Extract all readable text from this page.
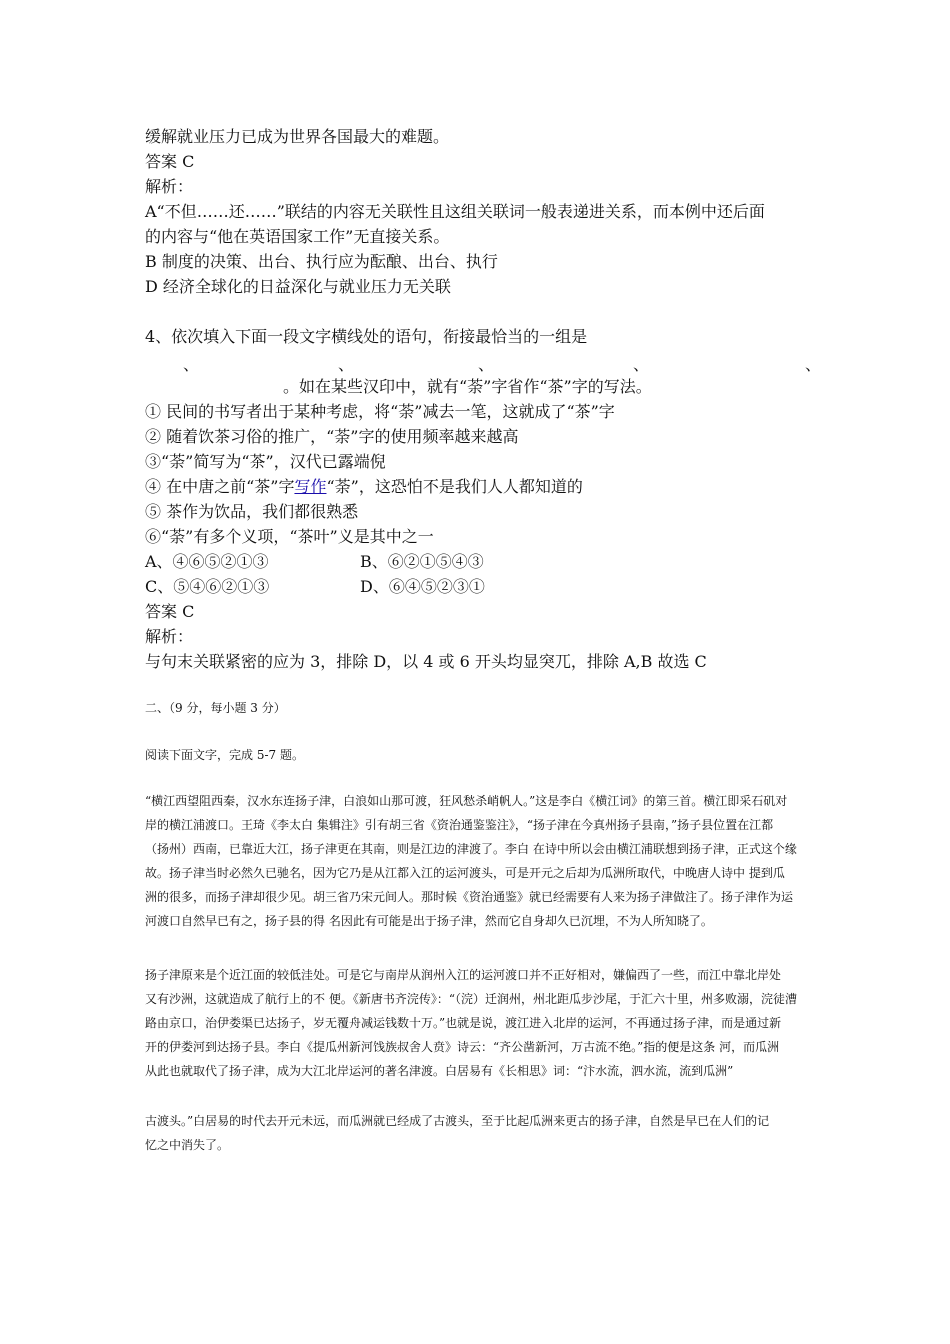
缓解就业压力已成为世界各国最大的难题。
答案 C
解析：
A“不但……还……”联结的内容无关联性且这组关联词一般表递进关系，而本例中还后面
的内容与“他在英语国家工作”无直接关系。
B 制度的决策、出台、执行应为酝酿、出台、执行
D 经济全球化的日益深化与就业压力无关联
4、依次填入下面一段文字横线处的语句，衔接最恰当的一组是
、	、	、	、	、
。如在某些汉印中，就有“荼”字省作“茶”字的写法。
① 民间的书写者出于某种考虑，将“荼”减去一笔，这就成了“茶”字
② 随着饮茶习俗的推广，“荼”字的使用频率越来越高
③“荼”简写为“茶”，汉代已露端倪
④ 在中唐之前“茶”字写作“荼”，这恐怕不是我们人人都知道的
⑤ 茶作为饮品，我们都很熟悉
⑥“荼”有多个义项，“茶叶”义是其中之一
A、④⑥⑤②①③	B、⑥②①⑤④③
C、⑤④⑥②①③	D、⑥④⑤②③①
答案 C
解析：
与句末关联紧密的应为 3，排除 D，以 4 或 6 开头均显突兀，排除 A,B 故选 C
二、（9 分，每小题 3 分）
阅读下面文字，完成 5-7 题。
“横江西望阻西秦，汉水东连扬子津，白浪如山那可渡，狂风愁杀峭帆人。”这是李白《横江词》的第三首。横江即采石矶对
岸的横江浦渡口。王琦《李太白 集辑注》引有胡三省《资治通鉴鉴注》，“扬子津在今真州扬子县南，”扬子县位置在江都
（扬州）西南，已靠近大江，扬子津更在其南，则是江边的津渡了。李白 在诗中所以会由横江浦联想到扬子津，正式这个缘
故。扬子津当时必然久已驰名，因为它乃是从江都入江的运河渡头，可是开元之后却为瓜洲所取代，中晚唐人诗中 提到瓜
洲的很多，而扬子津却很少见。胡三省乃宋元间人。那时候《资治通鉴》就已经需要有人来为扬子津做注了。扬子津作为运
河渡口自然早已有之，扬子县的得 名因此有可能是出于扬子津，然而它自身却久已沉埋，不为人所知晓了。
扬子津原来是个近江面的较低洼处。可是它与南岸从润州入江的运河渡口并不正好相对，嫌偏西了一些，而江中靠北岸处
又有沙洲，这就造成了航行上的不 便。《新唐书齐浣传》：“（浣）迁润州，州北距瓜步沙尾，于汇六十里，州多败溺，浣徒漕
路由京口，治伊娄渠已达扬子，岁无覆舟减运钱数十万。”也就是说，渡江进入北岸的运河，不再通过扬子津，而是通过新
开的伊娄河到达扬子县。李白《提瓜州新河饯族叔舍人贲》诗云：“齐公凿新河，万古流不绝。”指的便是这条 河，而瓜洲
从此也就取代了扬子津，成为大江北岸运河的著名津渡。白居易有《长相思》词：“汴水流，泗水流，流到瓜洲”
古渡头。”白居易的时代去开元未远，而瓜洲就已经成了古渡头，至于比起瓜洲来更古的扬子津，自然是早已在人们的记
忆之中消失了。
